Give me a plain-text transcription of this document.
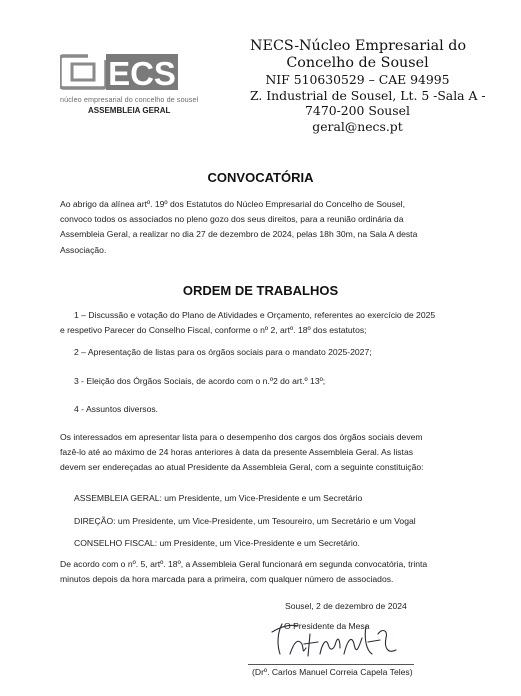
ECS
núcleo empresarial do concelho de sousel
ASSEMBLEIA GERAL
NECS-Núcleo Empresarial do
Concelho de Sousel
NIF 510630529 – CAE 94995
Z. Industrial de Sousel, Lt. 5 -Sala A -
7470-200 Sousel
geral@necs.pt
CONVOCATÓRIA
Ao abrigo da alínea artº. 19º dos Estatutos do Núcleo Empresarial do Concelho de Sousel,
convoco todos os associados no pleno gozo dos seus direitos, para a reunião ordinária da
Assembleia Geral, a realizar no dia 27 de dezembro de 2024, pelas 18h 30m, na Sala A desta
Associação.
ORDEM DE TRABALHOS
1 – Discussão e votação do Plano de Atividades e Orçamento, referentes ao exercício de 2025
e respetivo Parecer do Conselho Fiscal, conforme o nº 2, artº. 18º dos estatutos;
2 – Apresentação de listas para os órgãos sociais para o mandato 2025-2027;
3 - Eleição dos Órgãos Sociais, de acordo com o n.º2 do art.º 13º;
4 - Assuntos diversos.
Os interessados em apresentar lista para o desempenho dos cargos dos órgãos sociais devem
fazê-lo até ao máximo de 24 horas anteriores à data da presente Assembleia Geral. As listas
devem ser endereçadas ao atual Presidente da Assembleia Geral, com a seguinte constituição:
ASSEMBLEIA GERAL: um Presidente, um Vice-Presidente e um Secretário
DIREÇÃO: um Presidente, um Vice-Presidente, um Tesoureiro, um Secretário e um Vogal
CONSELHO FISCAL: um Presidente, um Vice-Presidente e um Secretário.
De acordo com o nº. 5, artº. 18º, a Assembleia Geral funcionará em segunda convocatória, trinta
minutos depois da hora marcada para a primeira, com qualquer número de associados.
Sousel, 2 de dezembro de 2024
O Presidente da Mesa
(Drº. Carlos Manuel Correia Capela Teles)
